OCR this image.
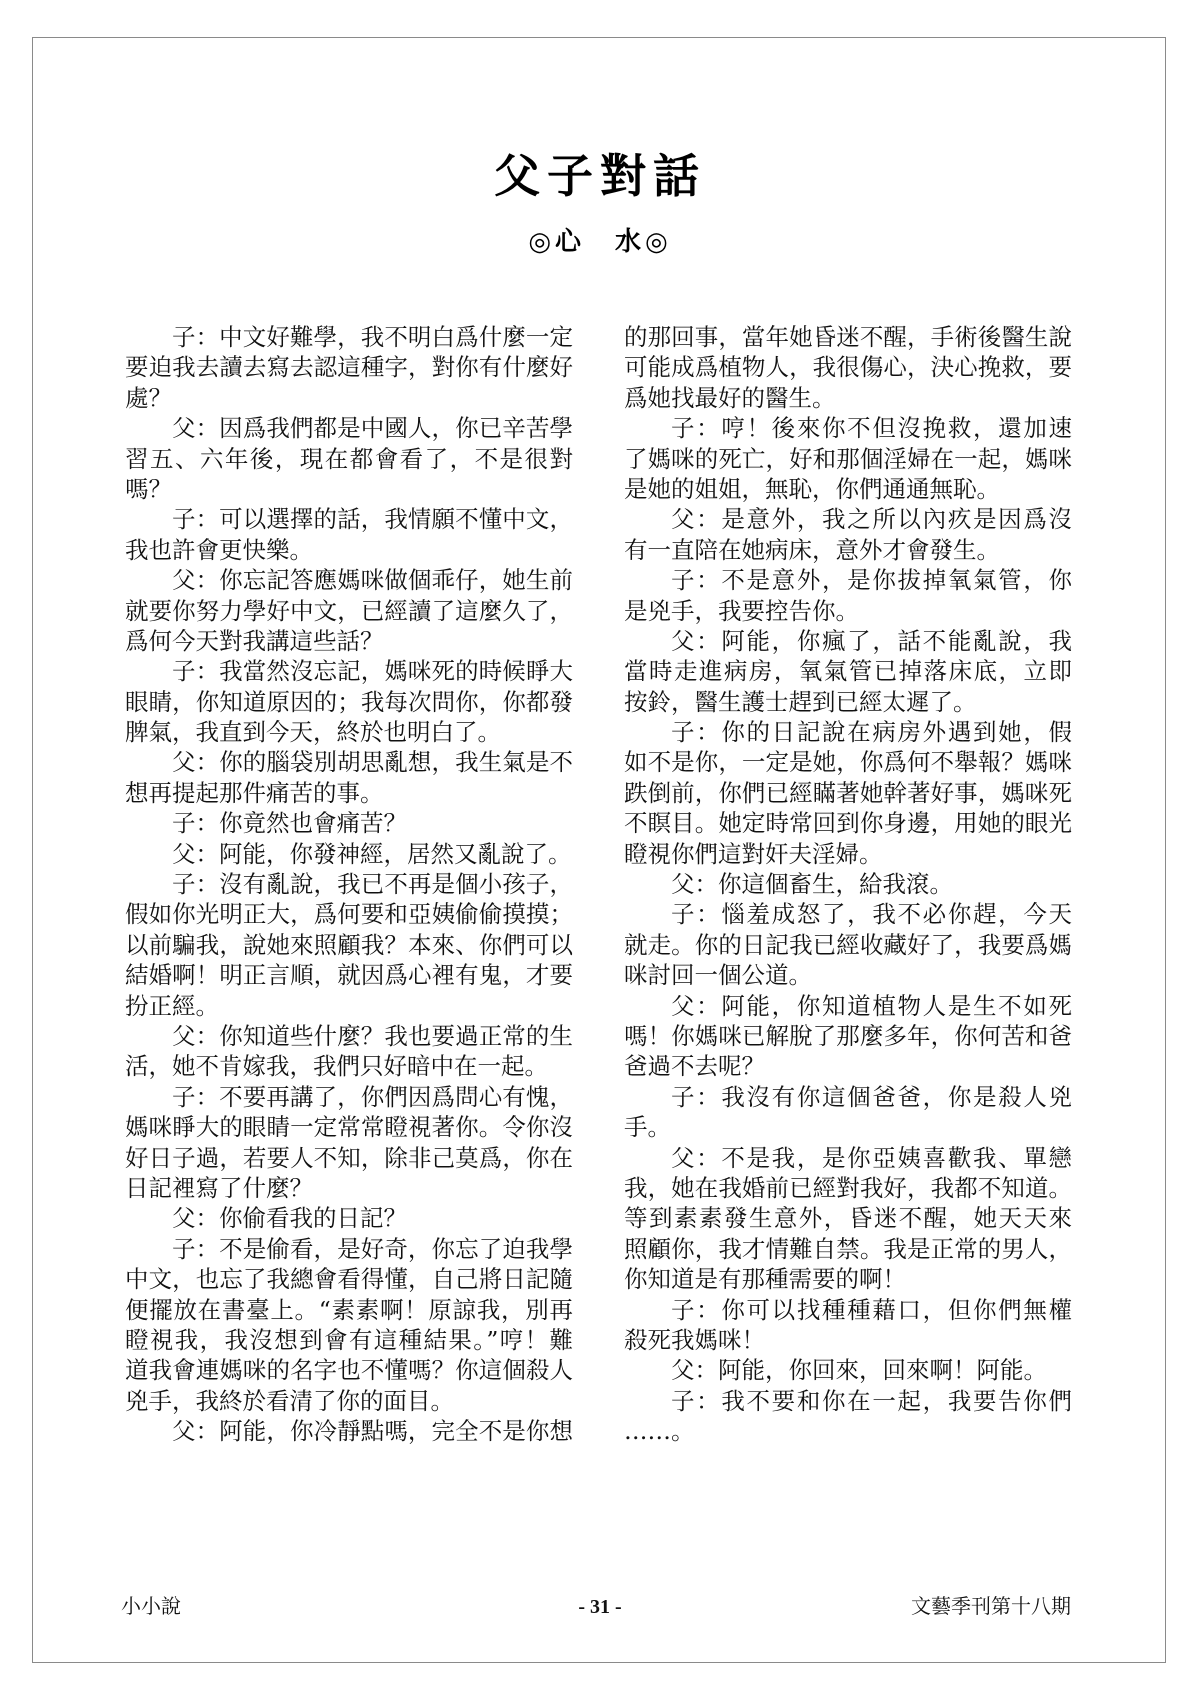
父子對話
◎心　水◎
子：中文好難學，我不明白爲什麼一定
要迫我去讀去寫去認這種字，對你有什麼好
處？
父：因爲我們都是中國人，你已辛苦學
習五、六年後，現在都會看了，不是很對
嗎？
子：可以選擇的話，我情願不懂中文，
我也許會更快樂。
父：你忘記答應媽咪做個乖仔，她生前
就要你努力學好中文，已經讀了這麼久了，
爲何今天對我講這些話？
子：我當然沒忘記，媽咪死的時候睜大
眼睛，你知道原因的；我每次問你，你都發
脾氣，我直到今天，終於也明白了。
父：你的腦袋別胡思亂想，我生氣是不
想再提起那件痛苦的事。
子：你竟然也會痛苦？
父：阿能，你發神經，居然又亂說了。
子：沒有亂說，我已不再是個小孩子，
假如你光明正大，爲何要和亞姨偷偷摸摸；
以前騙我，說她來照顧我？本來、你們可以
結婚啊！明正言順，就因爲心裡有鬼，才要
扮正經。
父：你知道些什麼？我也要過正常的生
活，她不肯嫁我，我們只好暗中在一起。
子：不要再講了，你們因爲問心有愧，
媽咪睜大的眼睛一定常常瞪視著你。令你沒
好日子過，若要人不知，除非己莫爲，你在
日記裡寫了什麼？
父：你偷看我的日記？
子：不是偷看，是好奇，你忘了迫我學
中文，也忘了我總會看得懂，自己將日記隨
便擺放在書臺上。“素素啊！原諒我，別再
瞪視我，我沒想到會有這種結果。”哼！難
道我會連媽咪的名字也不懂嗎？你這個殺人
兇手，我終於看清了你的面目。
父：阿能，你冷靜點嗎，完全不是你想
的那回事，當年她昏迷不醒，手術後醫生說
可能成爲植物人，我很傷心，決心挽救，要
爲她找最好的醫生。
子：哼！後來你不但沒挽救，還加速
了媽咪的死亡，好和那個淫婦在一起，媽咪
是她的姐姐，無恥，你們通通無恥。
父：是意外，我之所以內疚是因爲沒
有一直陪在她病床，意外才會發生。
子：不是意外，是你拔掉氧氣管，你
是兇手，我要控告你。
父：阿能，你瘋了，話不能亂說，我
當時走進病房，氧氣管已掉落床底，立即
按鈴，醫生護士趕到已經太遲了。
子：你的日記說在病房外遇到她，假
如不是你，一定是她，你爲何不舉報？媽咪
跌倒前，你們已經瞞著她幹著好事，媽咪死
不瞑目。她定時常回到你身邊，用她的眼光
瞪視你們這對奸夫淫婦。
父：你這個畜生，給我滾。
子：惱羞成怒了，我不必你趕，今天
就走。你的日記我已經收藏好了，我要爲媽
咪討回一個公道。
父：阿能，你知道植物人是生不如死
嗎！你媽咪已解脫了那麼多年，你何苦和爸
爸過不去呢？
子：我沒有你這個爸爸，你是殺人兇
手。
父：不是我，是你亞姨喜歡我、單戀
我，她在我婚前已經對我好，我都不知道。
等到素素發生意外，昏迷不醒，她天天來
照顧你，我才情難自禁。我是正常的男人，
你知道是有那種需要的啊！
子：你可以找種種藉口，但你們無權
殺死我媽咪！
父：阿能，你回來，回來啊！阿能。
子：我不要和你在一起，我要告你們
……。
小小說	- 31 -	文藝季刊第十八期
